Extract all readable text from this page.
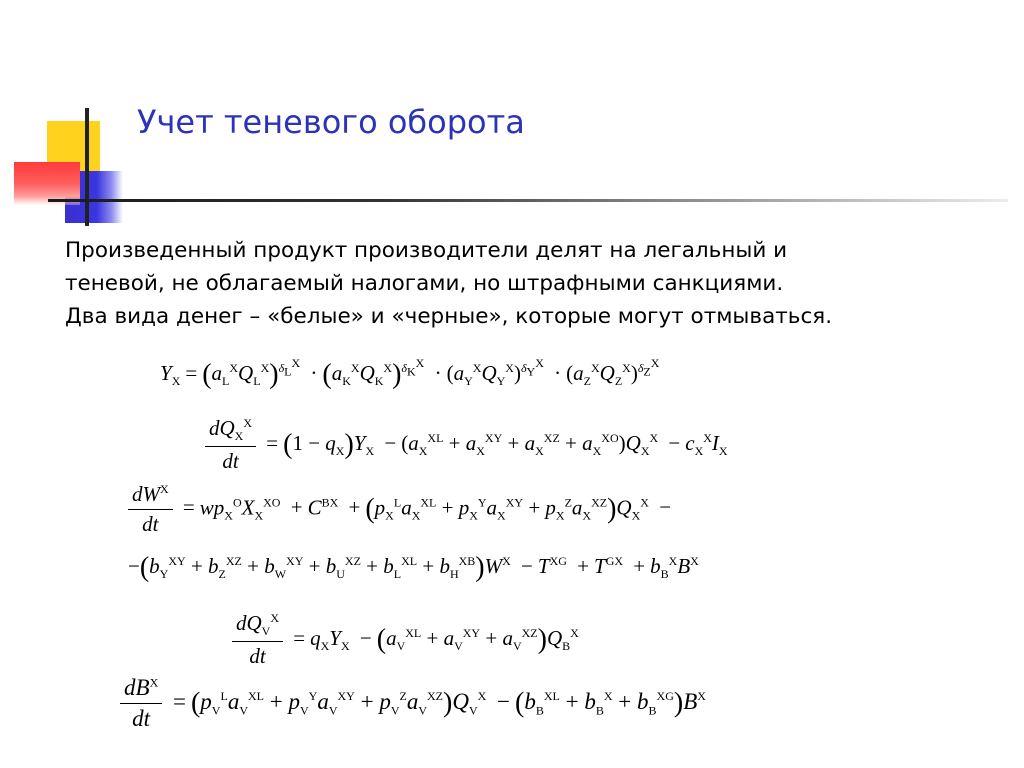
Учет теневого оборота
Произведенный продукт производители делят на легальный и
теневой, не облагаемый налогами, но штрафными санкциями.
Два вида денег – «белые» и «черные», которые могут отмываться.
$Y_X = (a_L^XQ_L^X)^{\delta_L^X} \cdot (a_K^XQ_K^X)^{\delta_K^X} \cdot (a_Y^XQ_Y^X)^{\delta_Y^X} \cdot (a_Z^XQ_Z^X)^{\delta_Z^X}$
$\frac{dQ_X^X}{dt} = (1 - q_X)Y_X - (a_X^{XL} + a_X^{XY} + a_X^{XZ} + a_X^{XO})Q_X^X - c_X^XI_X$
$\frac{dW^X}{dt} = wp_X^OX_X^{XO} + C^{BX} + (p_X^La_X^{XL} + p_X^Ya_X^{XY} + p_X^Za_X^{XZ})Q_X^X$ −
$-(b_Y^{XY} + b_Z^{XZ} + b_W^{XY} + b_U^{XZ} + b_L^{XL} + b_H^{XB})W^X - T^{XG} + T^{GX} + b_B^XB^X$
$\frac{dQ_V^X}{dt} = q_XY_X - (a_V^{XL} + a_V^{XY} + a_V^{XZ})Q_B^X$
$\frac{dB^X}{dt} = (p_V^La_V^{XL} + p_V^Ya_V^{XY} + p_V^Za_V^{XZ})Q_V^X - (b_B^{XL} + b_B^X + b_B^{XG})B^X$
